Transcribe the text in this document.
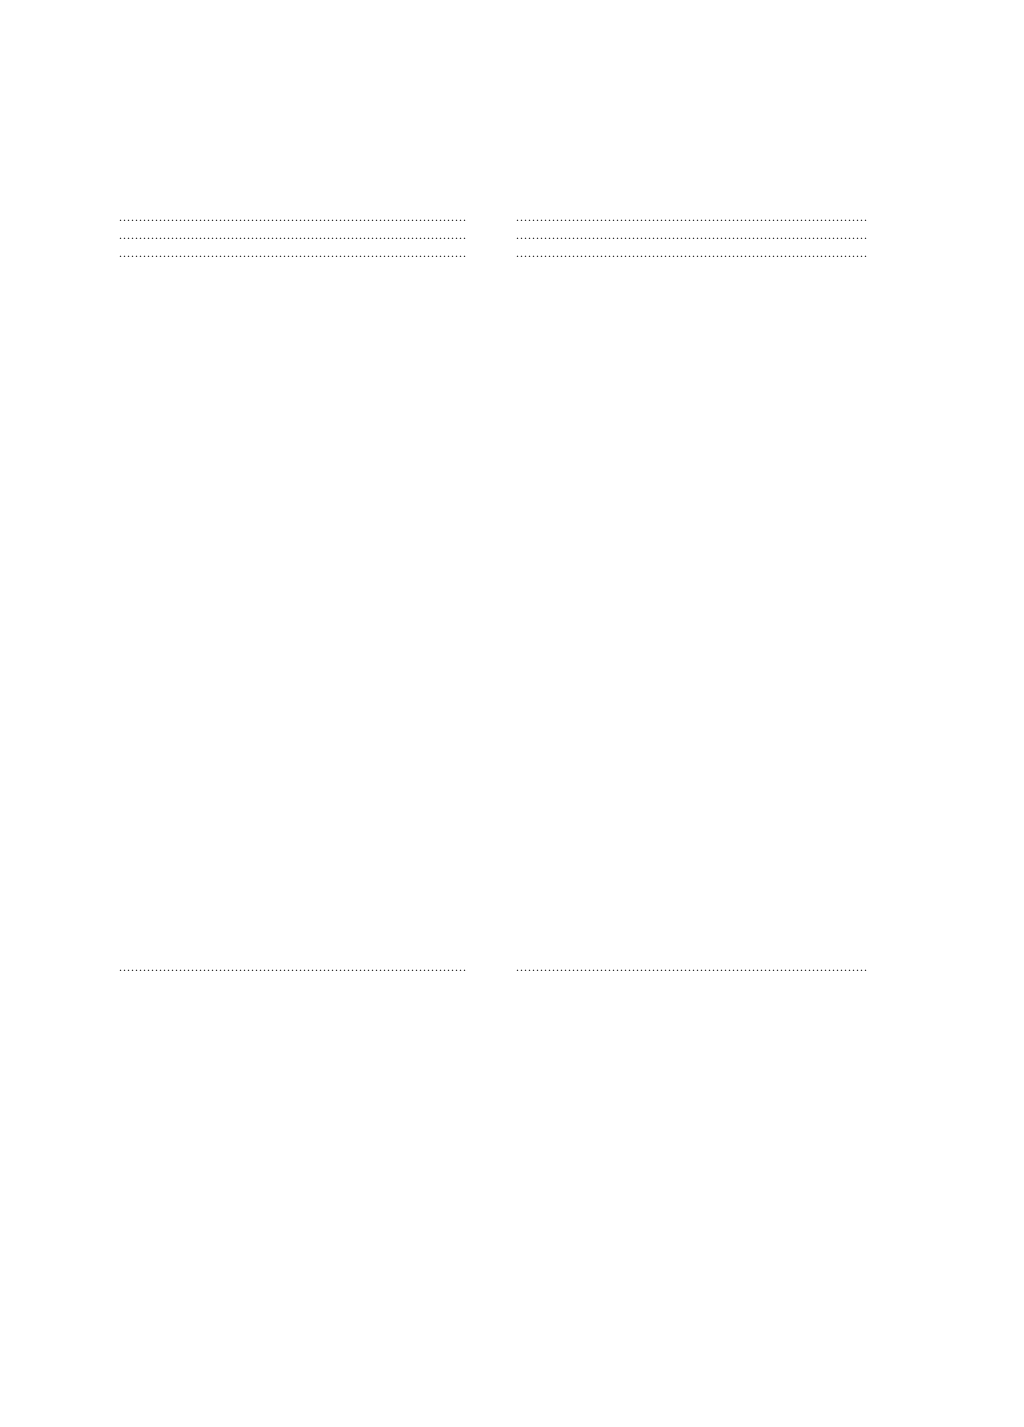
.....
.....
.....
.....
.....
.....
.....
.....
